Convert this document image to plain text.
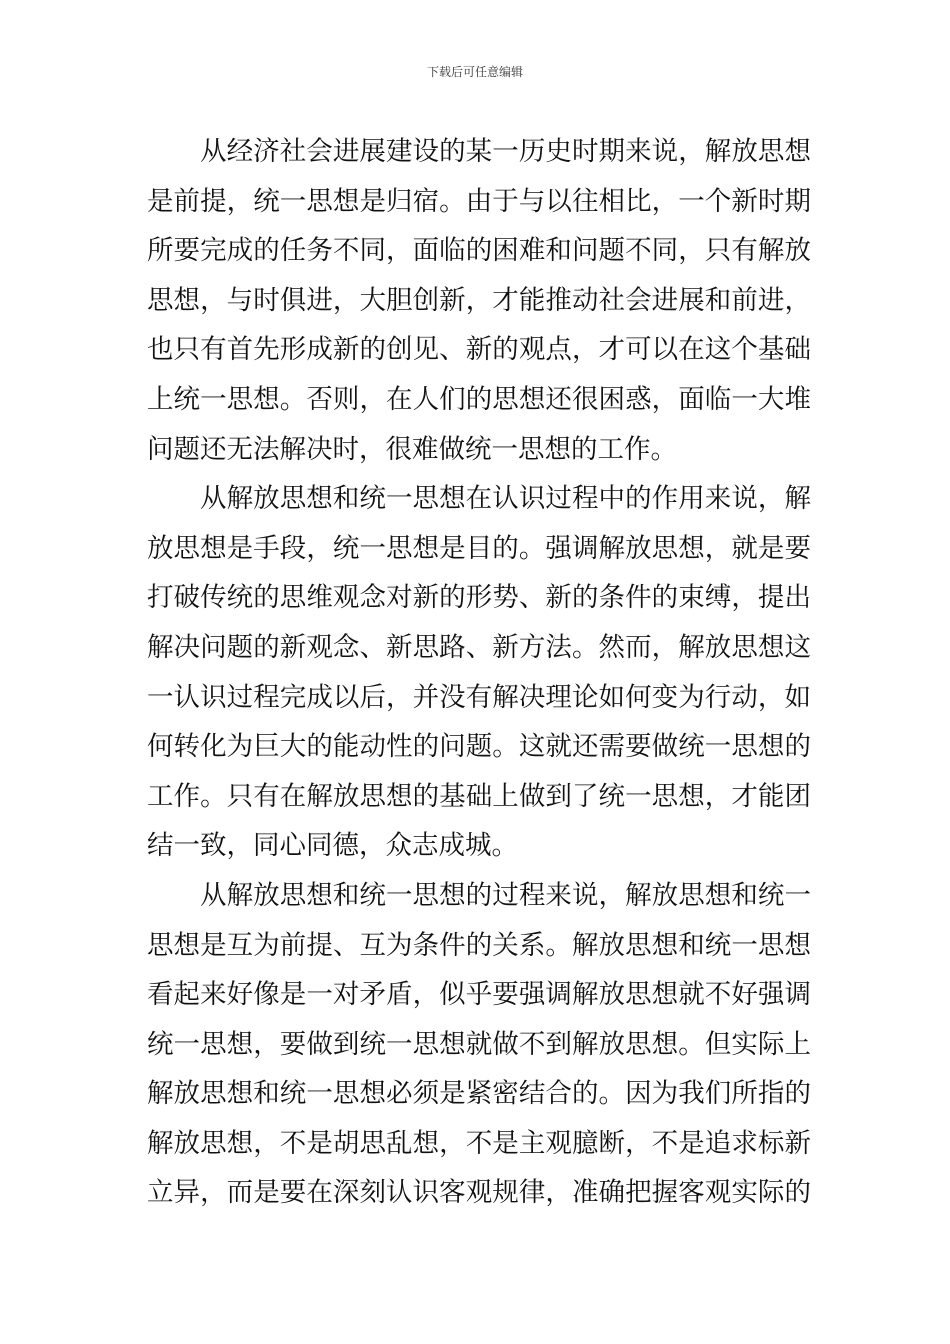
下载后可任意编辑
从经济社会进展建设的某一历史时期来说，解放思想
是前提，统一思想是归宿。由于与以往相比，一个新时期
所要完成的任务不同，面临的困难和问题不同，只有解放
思想，与时俱进，大胆创新，才能推动社会进展和前进，
也只有首先形成新的创见、新的观点，才可以在这个基础
上统一思想。否则，在人们的思想还很困惑，面临一大堆
问题还无法解决时，很难做统一思想的工作。
从解放思想和统一思想在认识过程中的作用来说，解
放思想是手段，统一思想是目的。强调解放思想，就是要
打破传统的思维观念对新的形势、新的条件的束缚，提出
解决问题的新观念、新思路、新方法。然而，解放思想这
一认识过程完成以后，并没有解决理论如何变为行动，如
何转化为巨大的能动性的问题。这就还需要做统一思想的
工作。只有在解放思想的基础上做到了统一思想，才能团
结一致，同心同德，众志成城。
从解放思想和统一思想的过程来说，解放思想和统一
思想是互为前提、互为条件的关系。解放思想和统一思想
看起来好像是一对矛盾，似乎要强调解放思想就不好强调
统一思想，要做到统一思想就做不到解放思想。但实际上
解放思想和统一思想必须是紧密结合的。因为我们所指的
解放思想，不是胡思乱想，不是主观臆断，不是追求标新
立异，而是要在深刻认识客观规律，准确把握客观实际的
